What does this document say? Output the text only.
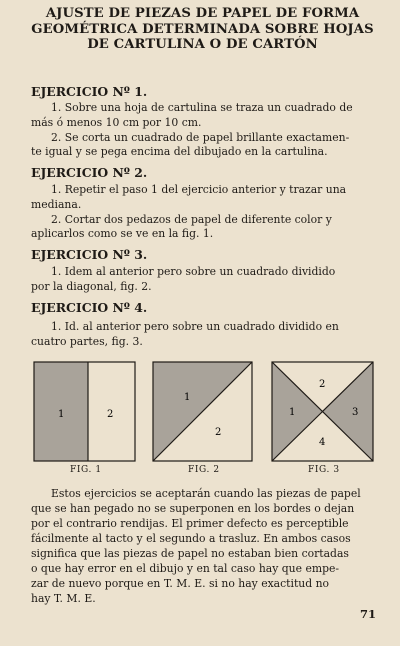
AJUSTE DE PIEZAS DE PAPEL DE FORMA
GEOMÉTRICA DETERMINADA SOBRE HOJAS
DE CARTULINA O DE CARTÓN
EJERCICIO Nº 1.
1. Sobre una hoja de cartulina se traza un cuadrado de
más ó menos 10 cm por 10 cm.
2. Se corta un cuadrado de papel brillante exactamen-
te igual y se pega encima del dibujado en la cartulina.
EJERCICIO Nº 2.
1. Repetir el paso 1 del ejercicio anterior y trazar una
mediana.
2. Cortar dos pedazos de papel de diferente color y
aplicarlos como se ve en la fig. 1.
EJERCICIO Nº 3.
1. Idem al anterior pero sobre un cuadrado dividido
por la diagonal, fig. 2.
EJERCICIO Nº 4.
1. Id. al anterior pero sobre un cuadrado dividido en
cuatro partes, fig. 3.
1	2
1
2
1
2
3
4
FIG. 1	FIG. 2	FIG. 3
Estos ejercicios se aceptarán cuando las piezas de papel
que se han pegado no se superponen en los bordes o dejan
por el contrario rendijas. El primer defecto es perceptible
fácilmente al tacto y el segundo a trasluz. En ambos casos
significa que las piezas de papel no estaban bien cortadas
o que hay error en el dibujo y en tal caso hay que empe-
zar de nuevo porque en T. M. E. si no hay exactitud no
hay T. M. E.
71
